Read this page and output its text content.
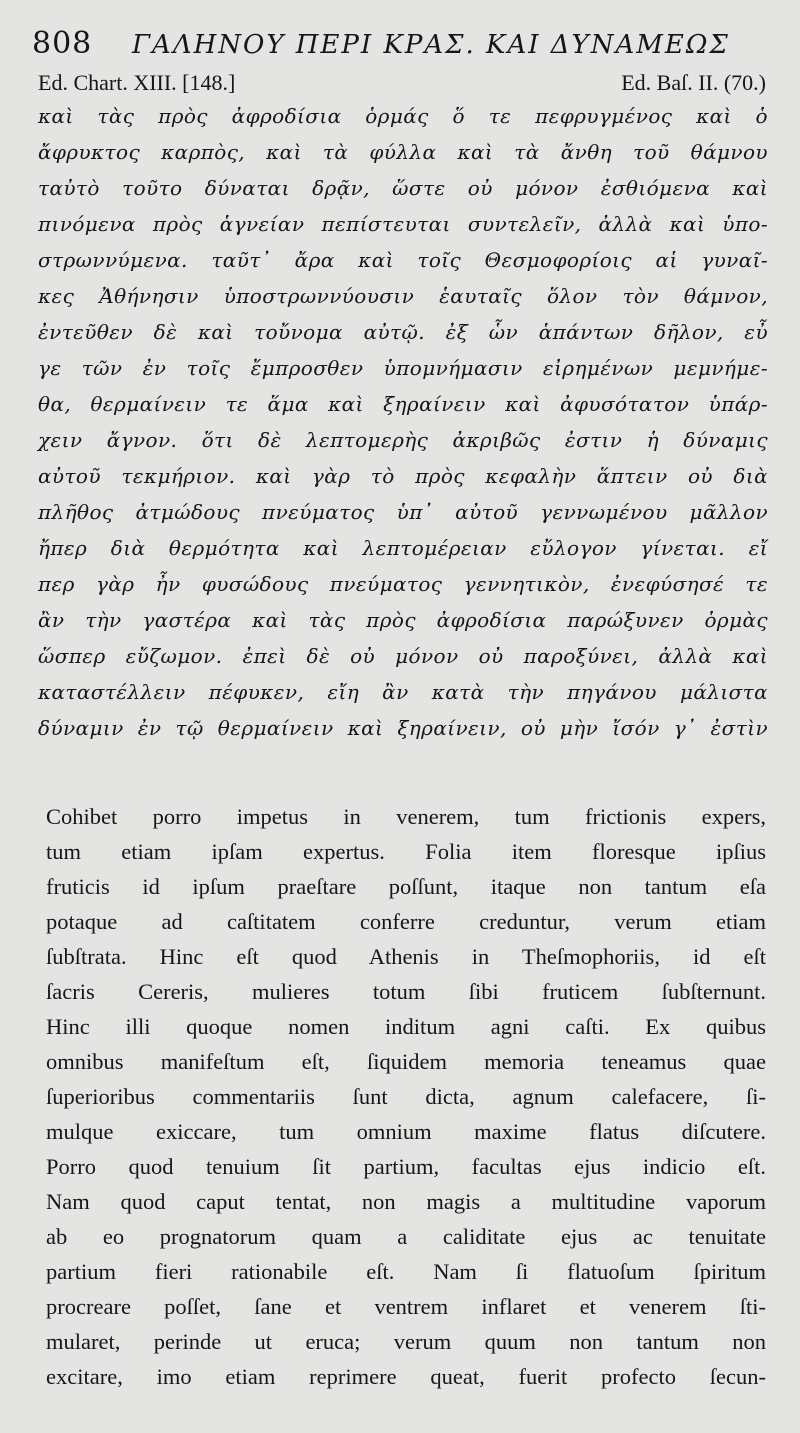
808 ΓΑΛΗΝΟΥ ΠΕΡΙ ΚΡΑΣ. ΚΑΙ ΔΥΝΑΜΕΩΣ
Ed. Chart. XIII. [148.]	Ed. Baſ. II. (70.)
καὶ τὰς πρὸς ἀφροδίσια ὁρμάς ὅ τε πεφρυγμένος καὶ ὁ
ἄφρυκτος καρπὸς, καὶ τὰ φύλλα καὶ τὰ ἄνθη τοῦ θάμνου
ταὐτὸ τοῦτο δύναται δρᾷν, ὥστε οὐ μόνον ἐσθιόμενα καὶ
πινόμενα πρὸς ἁγνείαν πεπίστευται συντελεῖν, ἀλλὰ καὶ ὑπο-
στρωννύμενα. ταῦτ᾽ ἄρα καὶ τοῖς Θεσμοφορίοις αἱ γυναῖ-
κες Ἀθήνησιν ὑποστρωννύουσιν ἑαυταῖς ὅλον τὸν θάμνον,
ἐντεῦθεν δὲ καὶ τοὔνομα αὐτῷ. ἐξ ὧν ἁπάντων δῆλον, εὖ
γε τῶν ἐν τοῖς ἔμπροσθεν ὑπομνήμασιν εἰρημένων μεμνήμε-
θα, θερμαίνειν τε ἅμα καὶ ξηραίνειν καὶ ἀφυσότατον ὑπάρ-
χειν ἄγνον. ὅτι δὲ λεπτομερὴς ἀκριβῶς ἐστιν ἡ δύναμις
αὐτοῦ τεκμήριον. καὶ γὰρ τὸ πρὸς κεφαλὴν ἅπτειν οὐ διὰ
πλῆθος ἀτμώδους πνεύματος ὑπ᾽ αὐτοῦ γεννωμένου μᾶλλον
ἤπερ διὰ θερμότητα καὶ λεπτομέρειαν εὔλογον γίνεται. εἴ
περ γὰρ ἦν φυσώδους πνεύματος γεννητικὸν, ἐνεφύσησέ τε
ἂν τὴν γαστέρα καὶ τὰς πρὸς ἀφροδίσια παρώξυνεν ὁρμὰς
ὥσπερ εὔζωμον. ἐπεὶ δὲ οὐ μόνον οὐ παροξύνει, ἀλλὰ καὶ
καταστέλλειν πέφυκεν, εἴη ἂν κατὰ τὴν πηγάνου μάλιστα
δύναμιν ἐν τῷ θερμαίνειν καὶ ξηραίνειν, οὐ μὴν ἴσόν γ᾽ ἐστὶν
Cohibet porro impetus in venerem, tum frictionis expers,
tum etiam ipſam expertus. Folia item floresque ipſius
fruticis id ipſum praeſtare poſſunt, itaque non tantum eſa
potaque ad caſtitatem conferre creduntur, verum etiam
ſubſtrata. Hinc eſt quod Athenis in Theſmophoriis, id eſt
ſacris Cereris, mulieres totum ſibi fruticem ſubſternunt.
Hinc illi quoque nomen inditum agni caſti. Ex quibus
omnibus manifeſtum eſt, ſiquidem memoria teneamus quae
ſuperioribus commentariis ſunt dicta, agnum calefacere, ſi-
mulque exiccare, tum omnium maxime flatus diſcutere.
Porro quod tenuium ſit partium, facultas ejus indicio eſt.
Nam quod caput tentat, non magis a multitudine vaporum
ab eo prognatorum quam a caliditate ejus ac tenuitate
partium fieri rationabile eſt. Nam ſi flatuoſum ſpiritum
procreare poſſet, ſane et ventrem inflaret et venerem ſti-
mularet, perinde ut eruca; verum quum non tantum non
excitare, imo etiam reprimere queat, fuerit profecto ſecun-
